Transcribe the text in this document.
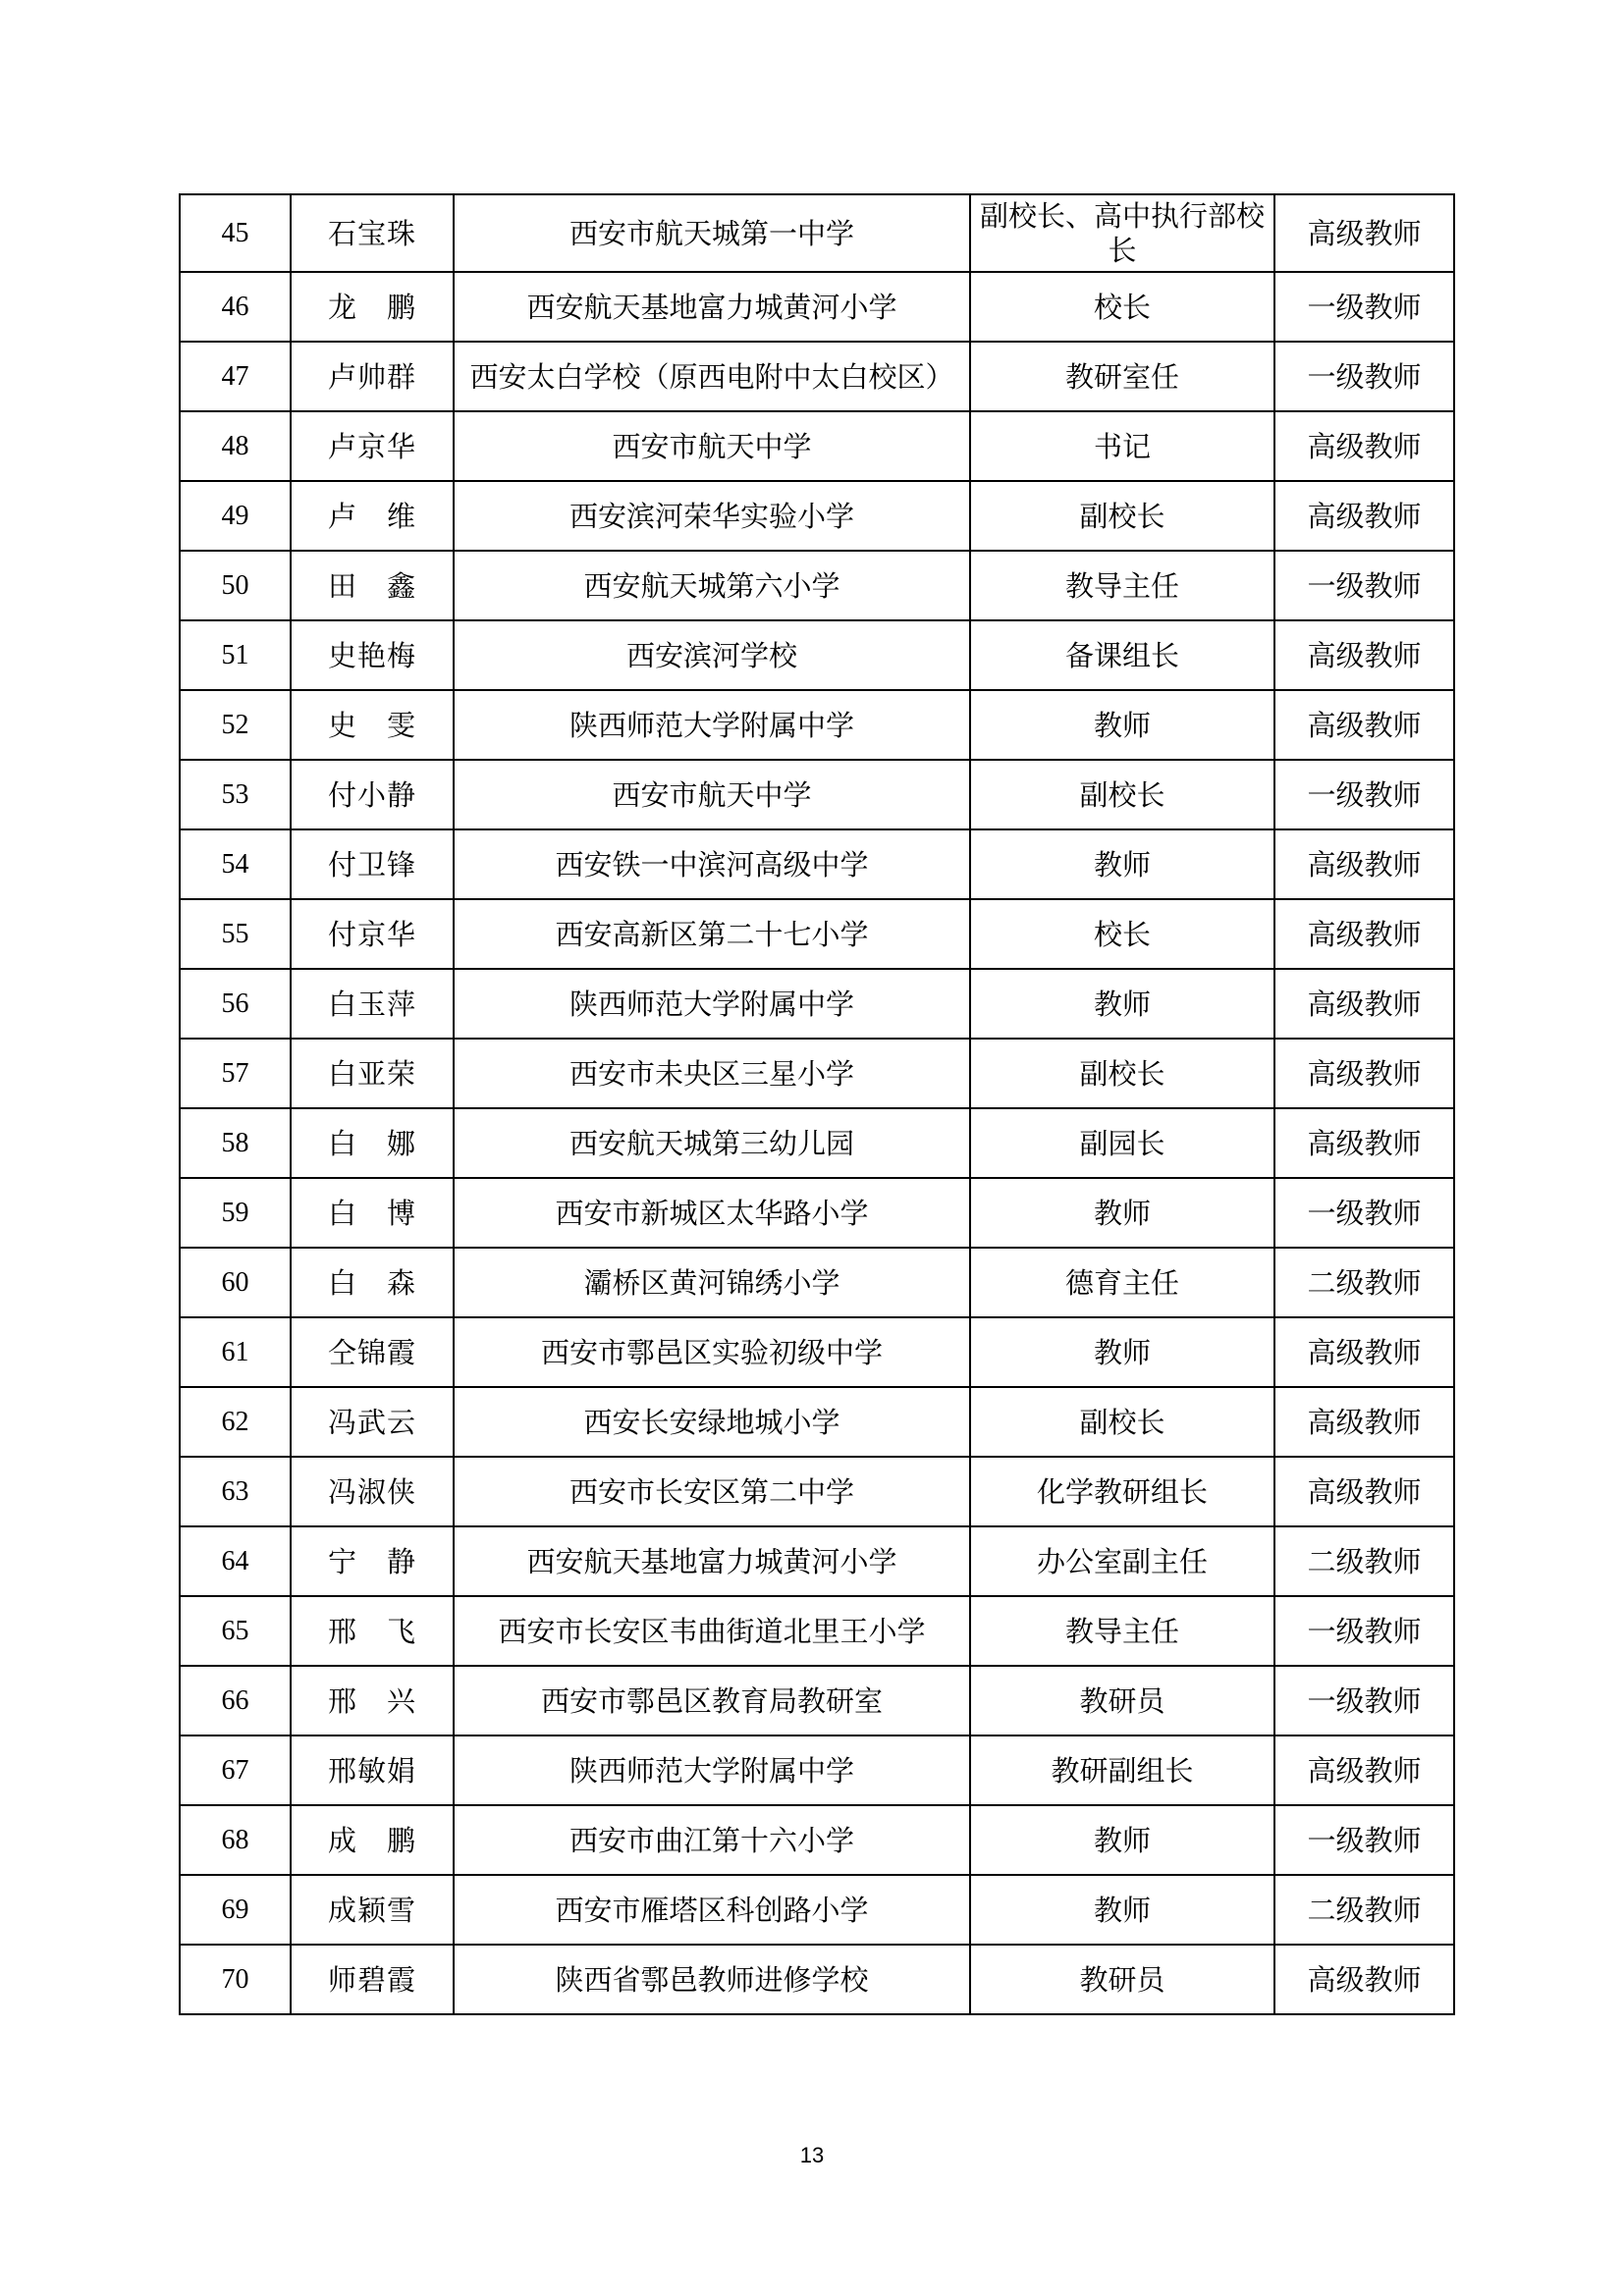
45	石宝珠	西安市航天城第一中学	副校长、高中执行部校长	高级教师
46	龙　鹏	西安航天基地富力城黄河小学	校长	一级教师
47	卢帅群	西安太白学校（原西电附中太白校区）	教研室任	一级教师
48	卢京华	西安市航天中学	书记	高级教师
49	卢　维	西安滨河荣华实验小学	副校长	高级教师
50	田　鑫	西安航天城第六小学	教导主任	一级教师
51	史艳梅	西安滨河学校	备课组长	高级教师
52	史　雯	陕西师范大学附属中学	教师	高级教师
53	付小静	西安市航天中学	副校长	一级教师
54	付卫锋	西安铁一中滨河高级中学	教师	高级教师
55	付京华	西安高新区第二十七小学	校长	高级教师
56	白玉萍	陕西师范大学附属中学	教师	高级教师
57	白亚荣	西安市未央区三星小学	副校长	高级教师
58	白　娜	西安航天城第三幼儿园	副园长	高级教师
59	白　博	西安市新城区太华路小学	教师	一级教师
60	白　森	灞桥区黄河锦绣小学	德育主任	二级教师
61	仝锦霞	西安市鄠邑区实验初级中学	教师	高级教师
62	冯武云	西安长安绿地城小学	副校长	高级教师
63	冯淑侠	西安市长安区第二中学	化学教研组长	高级教师
64	宁　静	西安航天基地富力城黄河小学	办公室副主任	二级教师
65	邢　飞	西安市长安区韦曲街道北里王小学	教导主任	一级教师
66	邢　兴	西安市鄠邑区教育局教研室	教研员	一级教师
67	邢敏娟	陕西师范大学附属中学	教研副组长	高级教师
68	成　鹏	西安市曲江第十六小学	教师	一级教师
69	成颖雪	西安市雁塔区科创路小学	教师	二级教师
70	师碧霞	陕西省鄠邑教师进修学校	教研员	高级教师
13
